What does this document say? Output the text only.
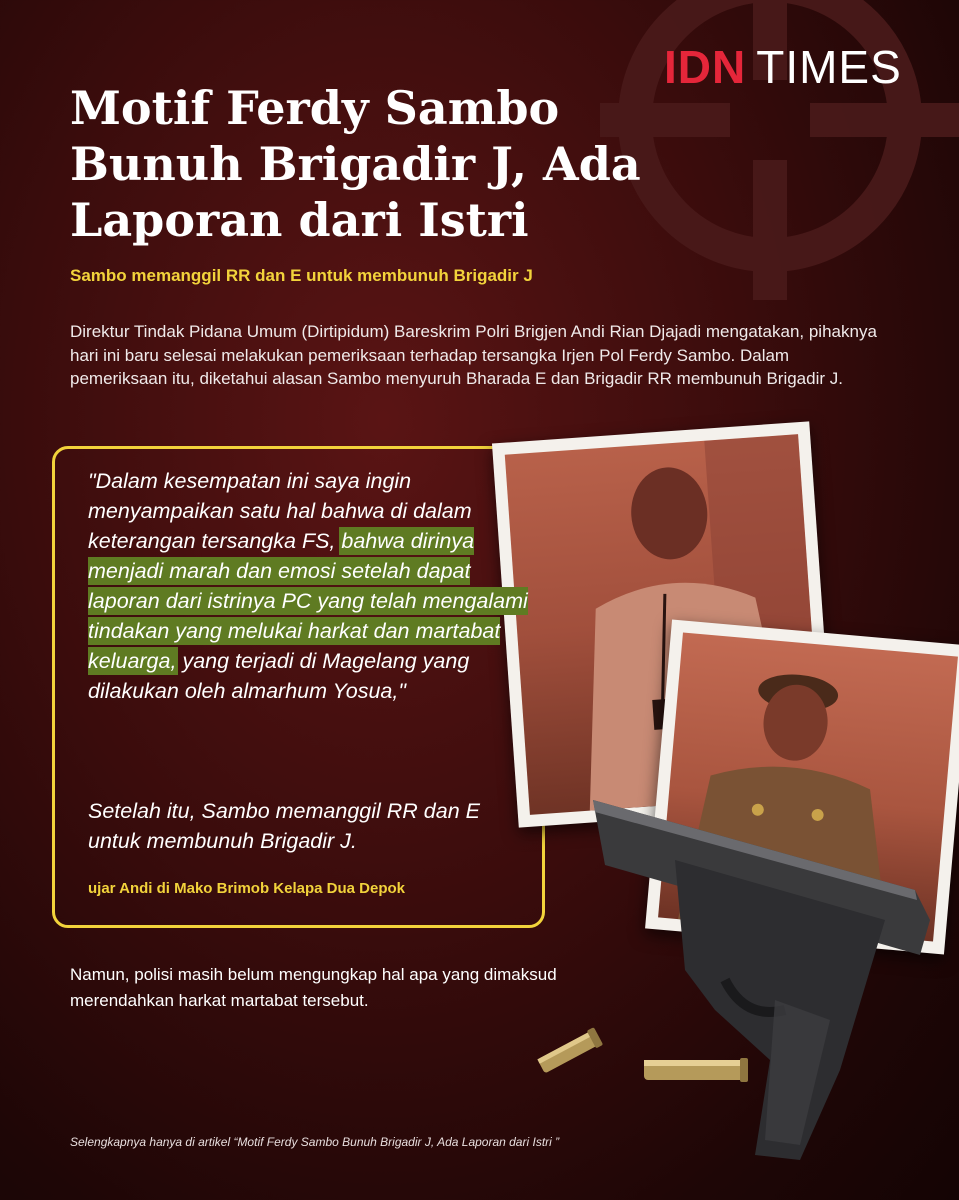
IDN TIMES
Motif Ferdy Sambo Bunuh Brigadir J, Ada Laporan dari Istri
Sambo memanggil RR dan E untuk membunuh Brigadir J
Direktur Tindak Pidana Umum (Dirtipidum) Bareskrim Polri Brigjen Andi Rian Djajadi mengatakan, pihaknya hari ini baru selesai melakukan pemeriksaan terhadap tersangka Irjen Pol Ferdy Sambo. Dalam pemeriksaan itu, diketahui alasan Sambo menyuruh Bharada E dan Brigadir RR membunuh Brigadir J.

"Dalam kesempatan ini saya ingin menyampaikan satu hal bahwa di dalam keterangan tersangka FS, bahwa dirinya menjadi marah dan emosi setelah dapat laporan dari istrinya PC yang telah mengalami tindakan yang melukai harkat dan martabat keluarga, yang terjadi di Magelang yang dilakukan oleh almarhum Yosua,"

Setelah itu, Sambo memanggil RR dan E untuk membunuh Brigadir J.

ujar Andi di Mako Brimob Kelapa Dua Depok
Namun, polisi masih belum mengungkap hal apa yang dimaksud merendahkan harkat martabat tersebut.
Selengkapnya hanya di artikel “Motif Ferdy Sambo Bunuh Brigadir J, Ada Laporan dari Istri ”
